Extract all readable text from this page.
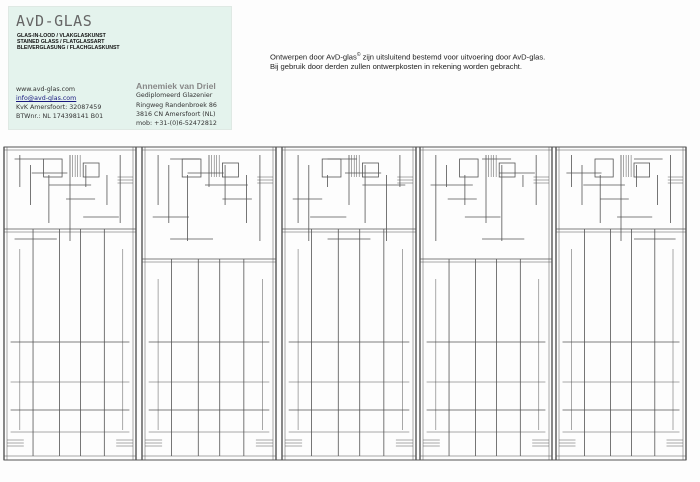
AvD-GLAS
GLAS-IN-LOOD / VLAKGLASKUNST
STAINED GLASS / FLATGLASSART
BLEIVERGLASUNG / FLACHGLASKUNST
www.avd-glas.com
info@avd-glas.com
KvK Amersfoort: 32087459
BTWnr.: NL 174398141 B01
Annemiek van Driel
Gediplomeerd Glazenier
Ringweg Randenbroek 86
3816 CN Amersfoort (NL)
mob: +31-(0)6-52472812
Ontwerpen door AvD-glas© zijn uitsluitend bestemd voor uitvoering door AvD-glas.
Bij gebruik door derden zullen ontwerpkosten in rekening worden gebracht.
